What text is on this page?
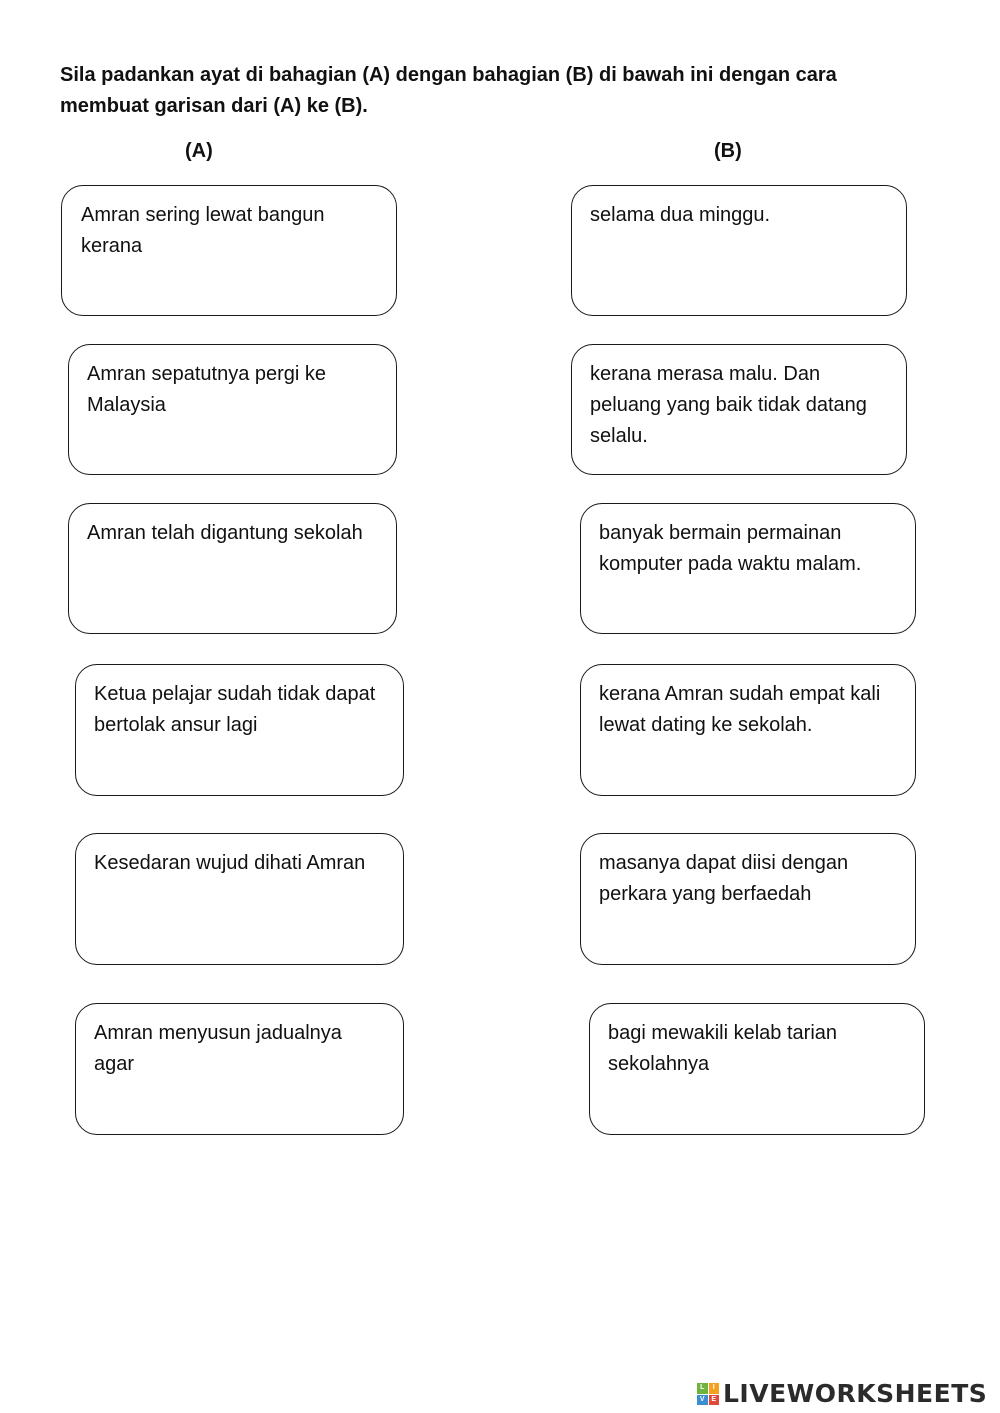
Sila padankan ayat di bahagian (A) dengan bahagian (B) di bawah ini dengan cara membuat garisan dari (A) ke (B).

(A)	(B)
Amran sering lewat bangun kerana
Amran sepatutnya pergi ke Malaysia
Amran telah digantung sekolah
Ketua pelajar sudah tidak dapat bertolak ansur lagi
Kesedaran wujud dihati Amran
Amran menyusun jadualnya agar
selama dua minggu.
kerana merasa malu. Dan peluang yang baik tidak datang selalu.
banyak bermain permainan komputer pada waktu malam.
kerana Amran sudah empat kali lewat dating ke sekolah.
masanya dapat diisi dengan perkara yang berfaedah
bagi mewakili kelab tarian sekolahnya
L	I
V E LIVEWORKSHEETS
